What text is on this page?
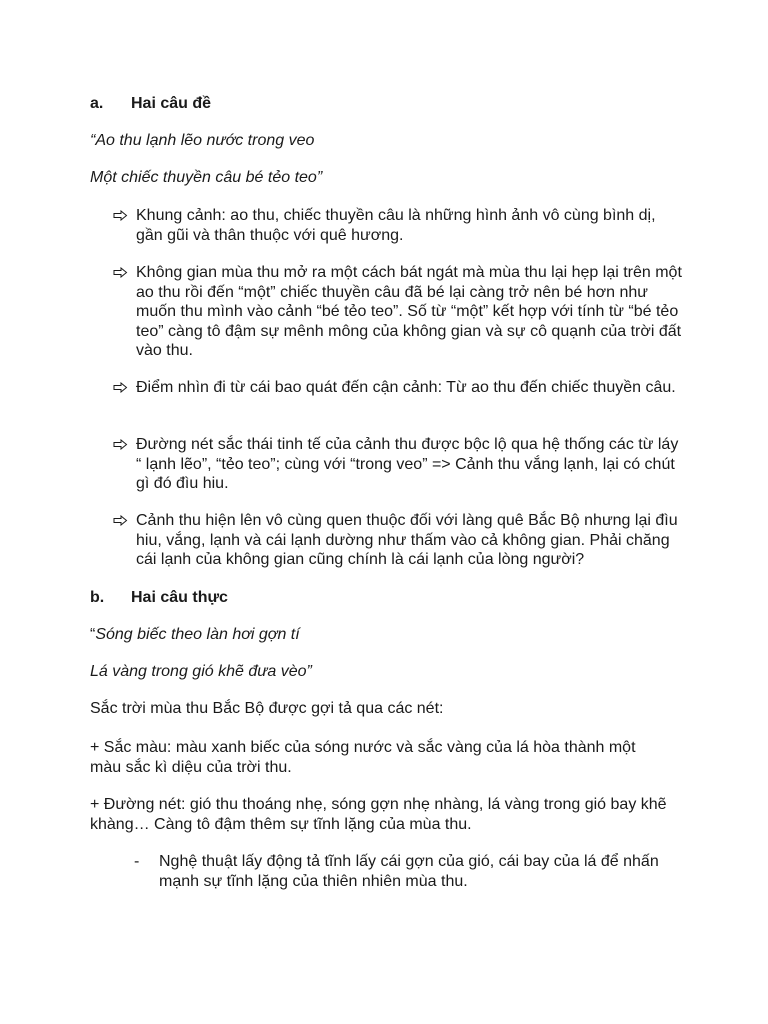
a. Hai câu đề
“Ao thu lạnh lẽo nước trong veo
Một chiếc thuyền câu bé tẻo teo”
Khung cảnh: ao thu, chiếc thuyền câu là những hình ảnh vô cùng bình dị, gần gũi và thân thuộc với quê hương.
Không gian mùa thu mở ra một cách bát ngát mà mùa thu lại hẹp lại trên một ao thu rồi đến “một” chiếc thuyền câu đã bé lại càng trở nên bé hơn như muốn thu mình vào cảnh “bé tẻo teo”. Số từ “một” kết hợp với tính từ “bé tẻo teo” càng tô đậm sự mênh mông của không gian và sự cô quạnh của trời đất vào thu.
Điểm nhìn đi từ cái bao quát đến cận cảnh: Từ ao thu đến chiếc thuyền câu.
Đường nét sắc thái tinh tế của cảnh thu được bộc lộ qua hệ thống các từ láy “ lạnh lẽo”, “tẻo teo”; cùng với “trong veo” => Cảnh thu vắng lạnh, lại có chút gì đó đìu hiu.
Cảnh thu hiện lên vô cùng quen thuộc đối với làng quê Bắc Bộ nhưng lại đìu hiu, vắng, lạnh và cái lạnh dường như thấm vào cả không gian. Phải chăng cái lạnh của không gian cũng chính là cái lạnh của lòng người?
b. Hai câu thực
“Sóng biếc theo làn hơi gợn tí
Lá vàng trong gió khẽ đưa vèo”
Sắc trời mùa thu Bắc Bộ được gợi tả qua các nét:
+ Sắc màu: màu xanh biếc của sóng nước và sắc vàng của lá hòa thành một màu sắc kì diệu của trời thu.
+ Đường nét: gió thu thoáng nhẹ, sóng gợn nhẹ nhàng, lá vàng trong gió bay khẽ khàng… Càng tô đậm thêm sự tĩnh lặng của mùa thu.
- Nghệ thuật lấy động tả tĩnh lấy cái gợn của gió, cái bay của lá để nhấn mạnh sự tĩnh lặng của thiên nhiên mùa thu.
